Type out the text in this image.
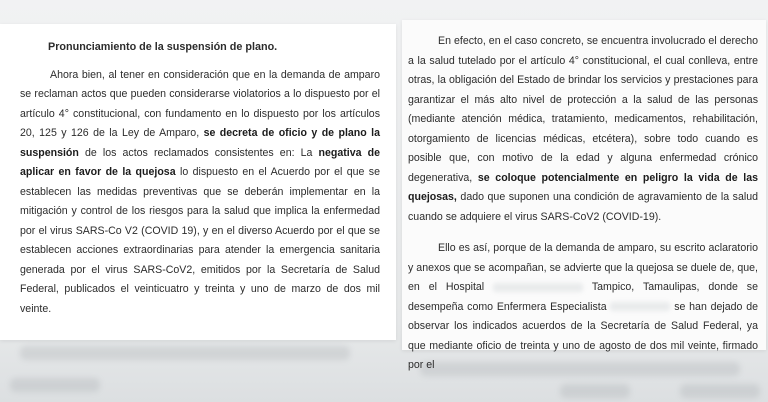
Pronunciamiento de la suspensión de plano.

Ahora bien, al tener en consideración que en la demanda de amparo se reclaman actos que pueden considerarse violatorios a lo dispuesto por el artículo 4° constitucional, con fundamento en lo dispuesto por los artículos 20, 125 y 126 de la Ley de Amparo, se decreta de oficio y de plano la suspensión de los actos reclamados consistentes en: La negativa de aplicar en favor de la quejosa lo dispuesto en el Acuerdo por el que se establecen las medidas preventivas que se deberán implementar en la mitigación y control de los riesgos para la salud que implica la enfermedad por el virus SARS-Co V2 (COVID 19), y en el diverso Acuerdo por el que se establecen acciones extraordinarias para atender la emergencia sanitaria generada por el virus SARS-CoV2, emitidos por la Secretaría de Salud Federal, publicados el veinticuatro y treinta y uno de marzo de dos mil veinte.

En efecto, en el caso concreto, se encuentra involucrado el derecho a la salud tutelado por el artículo 4° constitucional, el cual conlleva, entre otras, la obligación del Estado de brindar los servicios y prestaciones para garantizar el más alto nivel de protección a la salud de las personas (mediante atención médica, tratamiento, medicamentos, rehabilitación, otorgamiento de licencias médicas, etcétera), sobre todo cuando es posible que, con motivo de la edad y alguna enfermedad crónico degenerativa, se coloque potencialmente en peligro la vida de las quejosas, dado que suponen una condición de agravamiento de la salud cuando se adquiere el virus SARS-CoV2 (COVID-19).

Ello es así, porque de la demanda de amparo, su escrito aclaratorio y anexos que se acompañan, se advierte que la quejosa se duele de, que, en el Hospital	Tampico, Tamaulipas, donde se desempeña como Enfermera Especialista	se han dejado de observar los indicados acuerdos de la Secretaría de Salud Federal, ya que mediante oficio de treinta y uno de agosto de dos mil veinte, firmado por el
